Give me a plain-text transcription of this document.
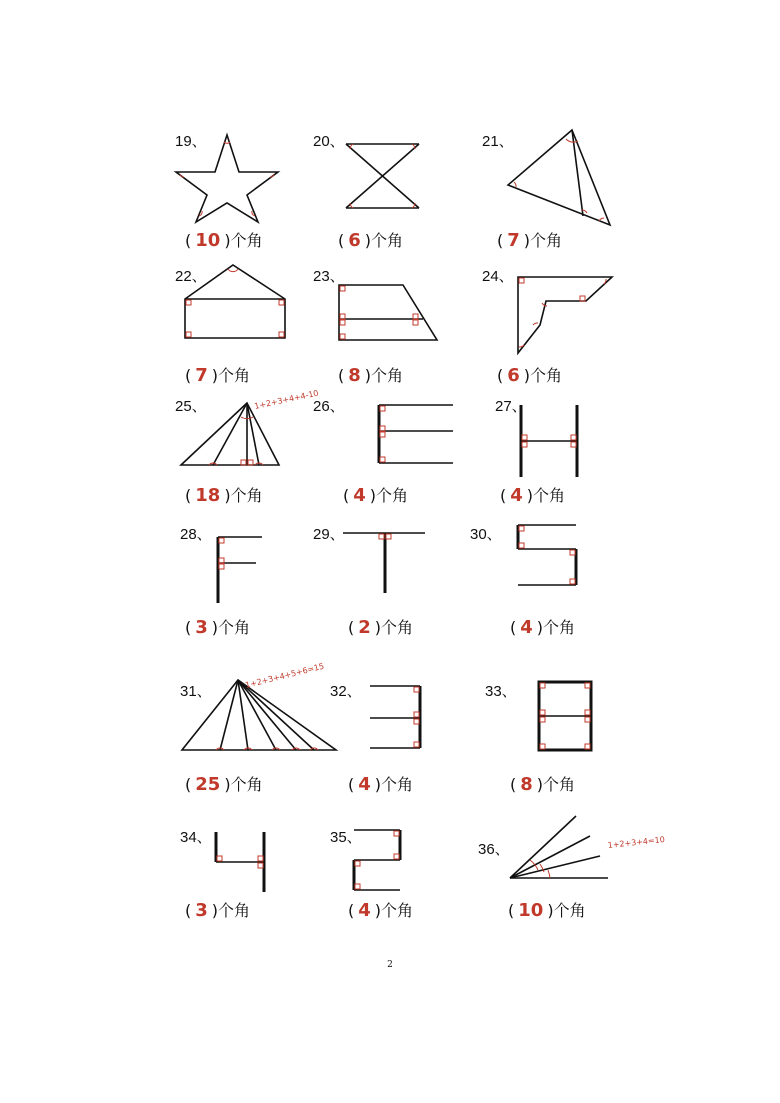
19、
( 10 )个角
20、
( 6 )个角
21、
( 7 )个角
22、
( 7 )个角
23、
( 8 )个角
24、
( 6 )个角
1+2+3+4+4-10
25、
( 18 )个角
26、
( 4 )个角
27、
( 4 )个角
28、
( 3 )个角
29、
( 2 )个角
30、
( 4 )个角
1+2+3+4+5+6=15
31、
( 25 )个角
32、
( 4 )个角
33、
( 8 )个角
34、
( 3 )个角
35、
( 4 )个角
1+2+3+4=10
36、
( 10 )个角
2
